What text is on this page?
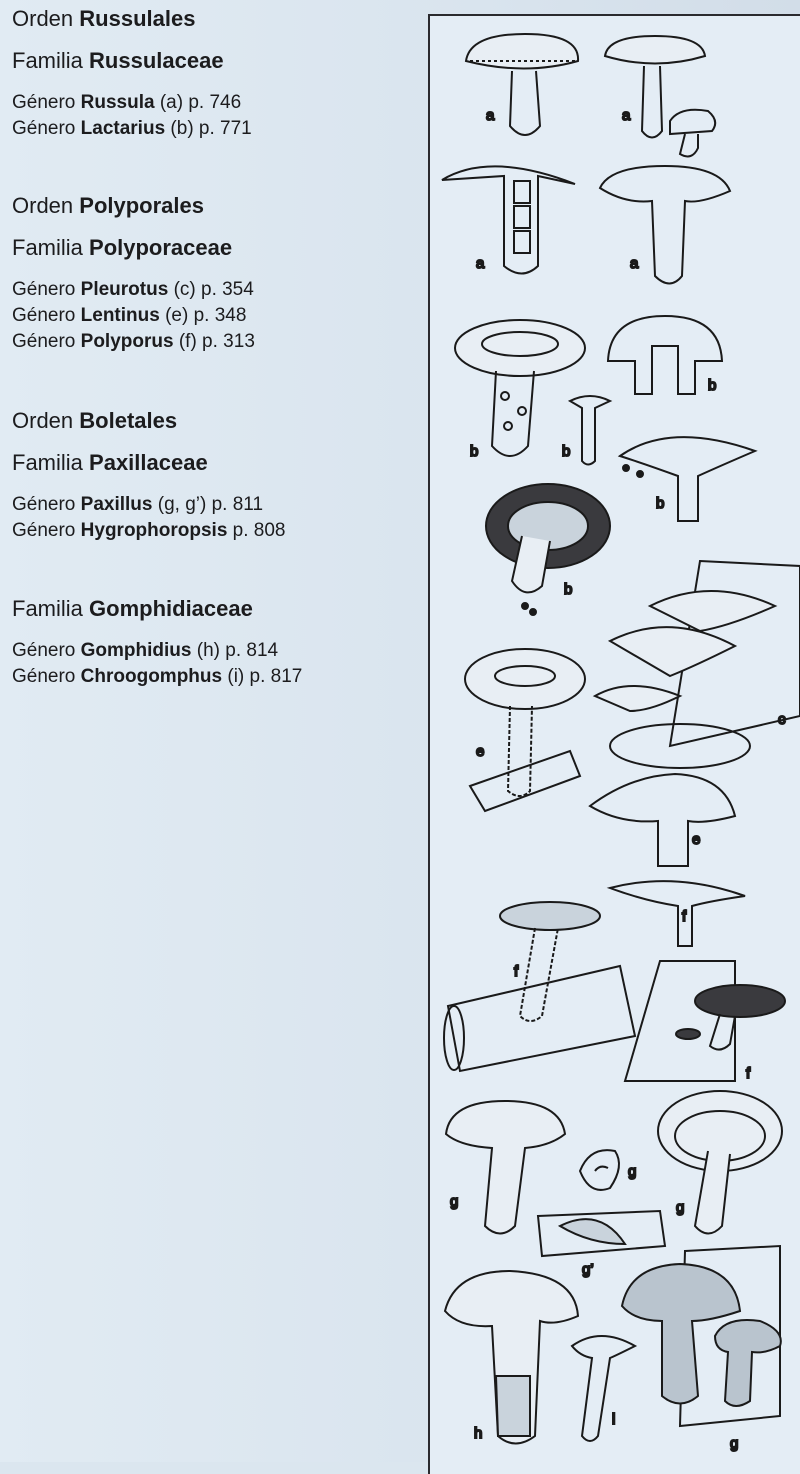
Orden Russulales
Familia Russulaceae
Género Russula (a) p. 746
Género Lactarius (b) p. 771
Orden Polyporales
Familia Polyporaceae
Género Pleurotus (c) p. 354
Género Lentinus (e) p. 348
Género Polyporus (f) p. 313
Orden Boletales
Familia Paxillaceae
Género Paxillus (g, g’) p. 811
Género Hygrophoropsis p. 808
Familia Gomphidiaceae
Género Gomphidius (h) p. 814
Género Chroogomphus (i) p. 817
a	a
a	a
b	b
b
b
b
e
c
e
f
f
f
g
g
g
g’
h
i
g
